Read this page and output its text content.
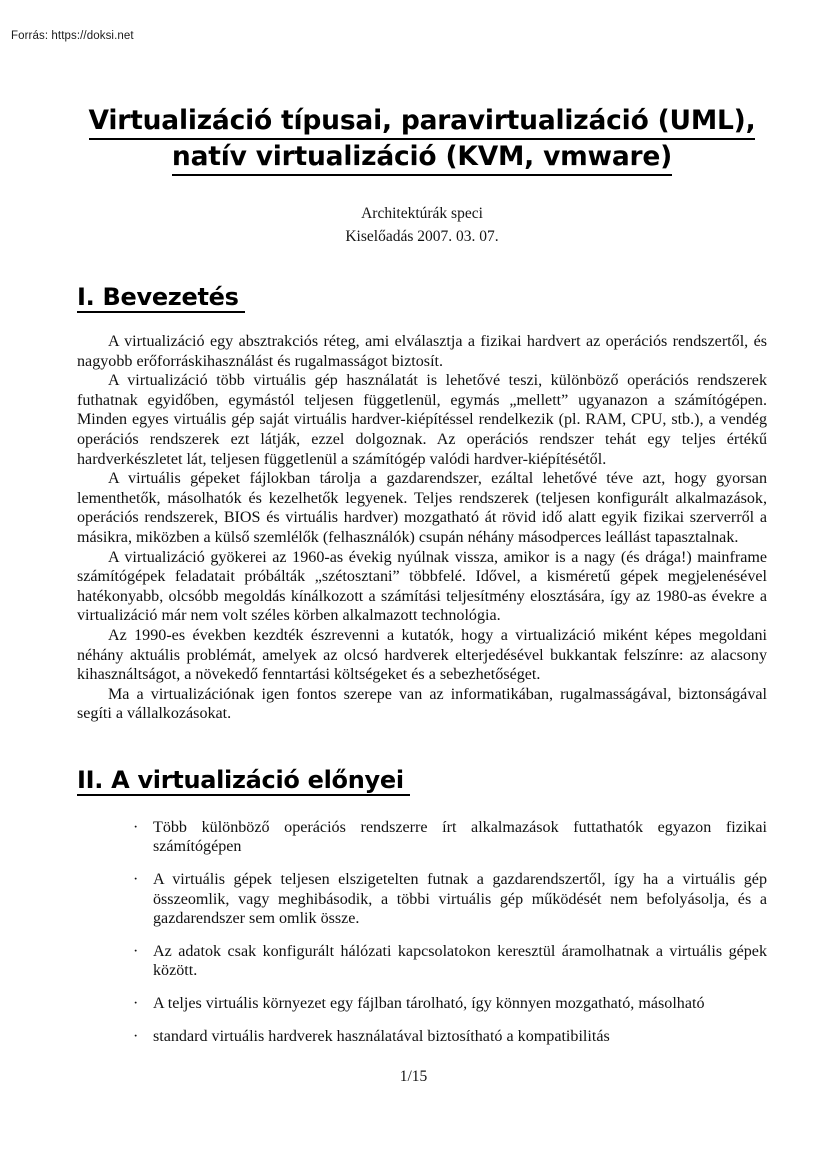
Forrás: https://doksi.net
Virtualizáció típusai, paravirtualizáció (UML),
natív virtualizáció (KVM, vmware)
Architektúrák speci
Kiselőadás 2007. 03. 07.
I. Bevezetés

A virtualizáció egy absztrakciós réteg, ami elválasztja a fizikai hardvert az operációs rendszertől, és nagyobb erőforráskihasználást és rugalmasságot biztosít.

A virtualizáció több virtuális gép használatát is lehetővé teszi, különböző operációs rendszerek futhatnak egyidőben, egymástól teljesen függetlenül, egymás „mellett” ugyanazon a számítógépen. Minden egyes virtuális gép saját virtuális hardver-kiépítéssel rendelkezik (pl. RAM, CPU, stb.), a vendég operációs rendszerek ezt látják, ezzel dolgoznak. Az operációs rendszer tehát egy teljes értékű hardverkészletet lát, teljesen függetlenül a számítógép valódi hardver-kiépítésétől.

A virtuális gépeket fájlokban tárolja a gazdarendszer, ezáltal lehetővé téve azt, hogy gyorsan lementhetők, másolhatók és kezelhetők legyenek. Teljes rendszerek (teljesen konfigurált alkalmazások, operációs rendszerek, BIOS és virtuális hardver) mozgatható át rövid idő alatt egyik fizikai szerverről a másikra, miközben a külső szemlélők (felhasználók) csupán néhány másodperces leállást tapasztalnak.

A virtualizáció gyökerei az 1960-as évekig nyúlnak vissza, amikor is a nagy (és drága!) mainframe számítógépek feladatait próbálták „szétosztani” többfelé. Idővel, a kisméretű gépek megjelenésével hatékonyabb, olcsóbb megoldás kínálkozott a számítási teljesítmény elosztására, így az 1980-as évekre a virtualizáció már nem volt széles körben alkalmazott technológia.

Az 1990-es években kezdték észrevenni a kutatók, hogy a virtualizáció miként képes megoldani néhány aktuális problémát, amelyek az olcsó hardverek elterjedésével bukkantak felszínre: az alacsony kihasználtságot, a növekedő fenntartási költségeket és a sebezhetőséget.

Ma a virtualizációnak igen fontos szerepe van az informatikában, rugalmasságával, biztonságával segíti a vállalkozásokat.

II. A virtualizáció előnyei
· Több különböző operációs rendszerre írt alkalmazások futtathatók egyazon fizikai számítógépen
· A virtuális gépek teljesen elszigetelten futnak a gazdarendszertől, így ha a virtuális gép összeomlik, vagy meghibásodik, a többi virtuális gép működését nem befolyásolja, és a gazdarendszer sem omlik össze.
· Az adatok csak konfigurált hálózati kapcsolatokon keresztül áramolhatnak a virtuális gépek között.
· A teljes virtuális környezet egy fájlban tárolható, így könnyen mozgatható, másolható
· standard virtuális hardverek használatával biztosítható a kompatibilitás
1/15
